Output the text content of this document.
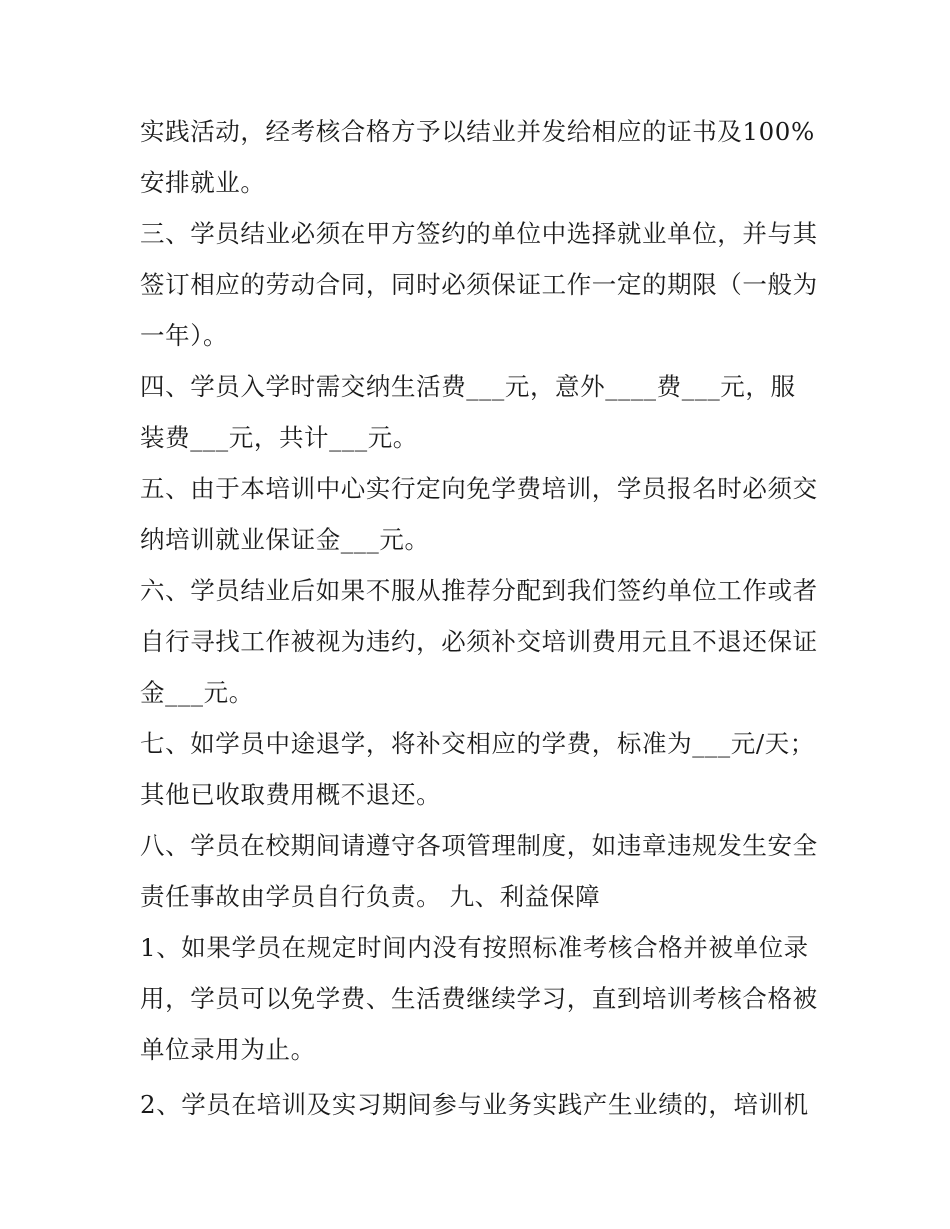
实践活动，经考核合格方予以结业并发给相应的证书及100%安排就业。

三、学员结业必须在甲方签约的单位中选择就业单位，并与其签订相应的劳动合同，同时必须保证工作一定的期限（一般为一年）。

四、学员入学时需交纳生活费___元，意外____费___元，服装费___元，共计___元。

五、由于本培训中心实行定向免学费培训，学员报名时必须交纳培训就业保证金___元。

六、学员结业后如果不服从推荐分配到我们签约单位工作或者自行寻找工作被视为违约，必须补交培训费用元且不退还保证金___元。

七、如学员中途退学，将补交相应的学费，标准为___元/天；其他已收取费用概不退还。

八、学员在校期间请遵守各项管理制度，如违章违规发生安全责任事故由学员自行负责。 九、利益保障

1、如果学员在规定时间内没有按照标准考核合格并被单位录用，学员可以免学费、生活费继续学习，直到培训考核合格被单位录用为止。

2、学员在培训及实习期间参与业务实践产生业绩的，培训机
